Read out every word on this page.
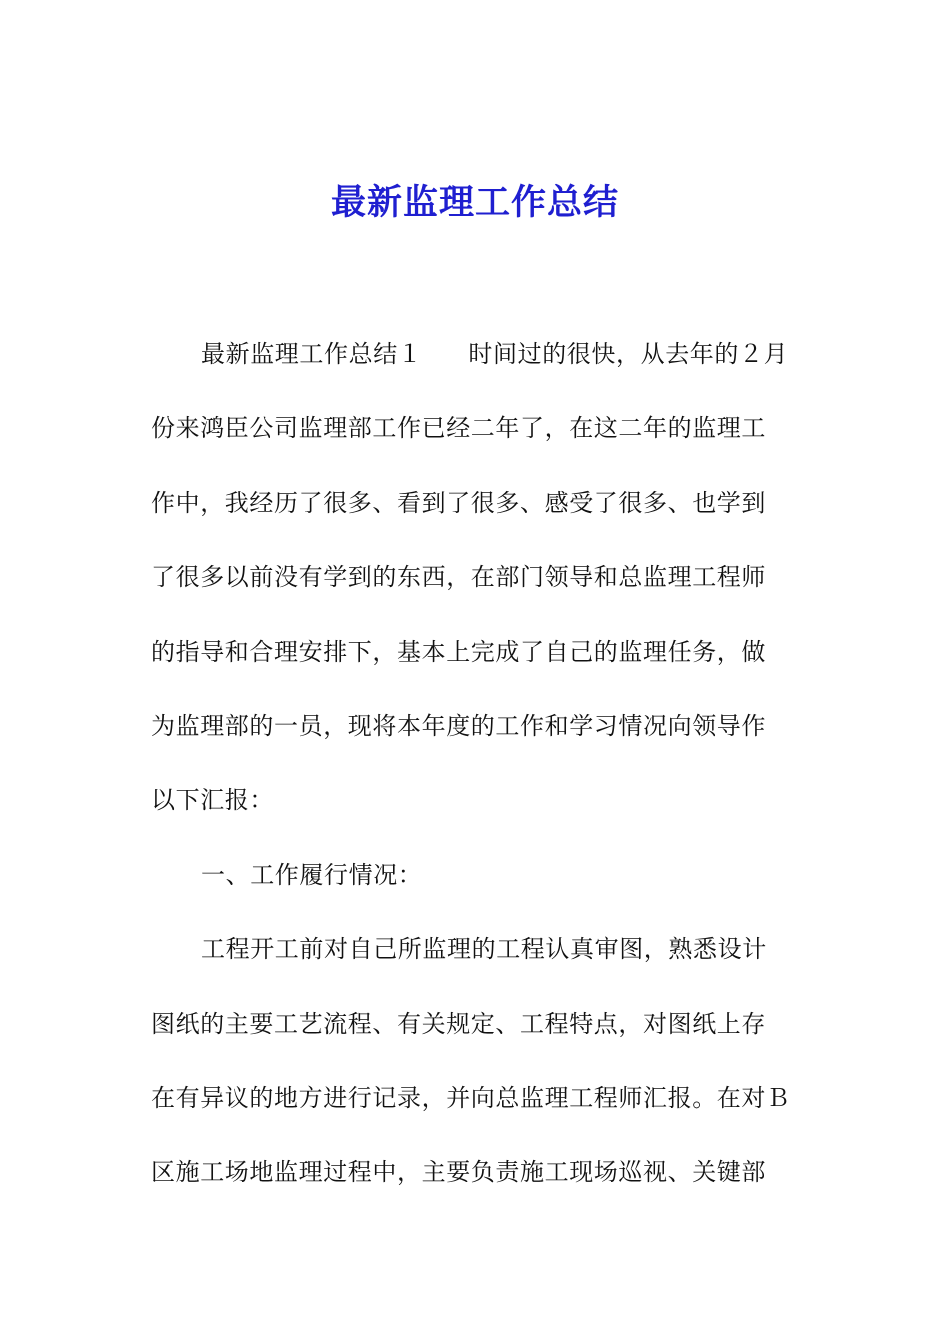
最新监理工作总结
最新监理工作总结１ 时间过的很快，从去年的２月
份来鸿臣公司监理部工作已经二年了，在这二年的监理工
作中，我经历了很多、看到了很多、感受了很多、也学到
了很多以前没有学到的东西，在部门领导和总监理工程师
的指导和合理安排下，基本上完成了自己的监理任务，做
为监理部的一员，现将本年度的工作和学习情况向领导作
以下汇报：
一、工作履行情况：
工程开工前对自己所监理的工程认真审图，熟悉设计
图纸的主要工艺流程、有关规定、工程特点，对图纸上存
在有异议的地方进行记录，并向总监理工程师汇报。在对Ｂ
区施工场地监理过程中，主要负责施工现场巡视、关键部
